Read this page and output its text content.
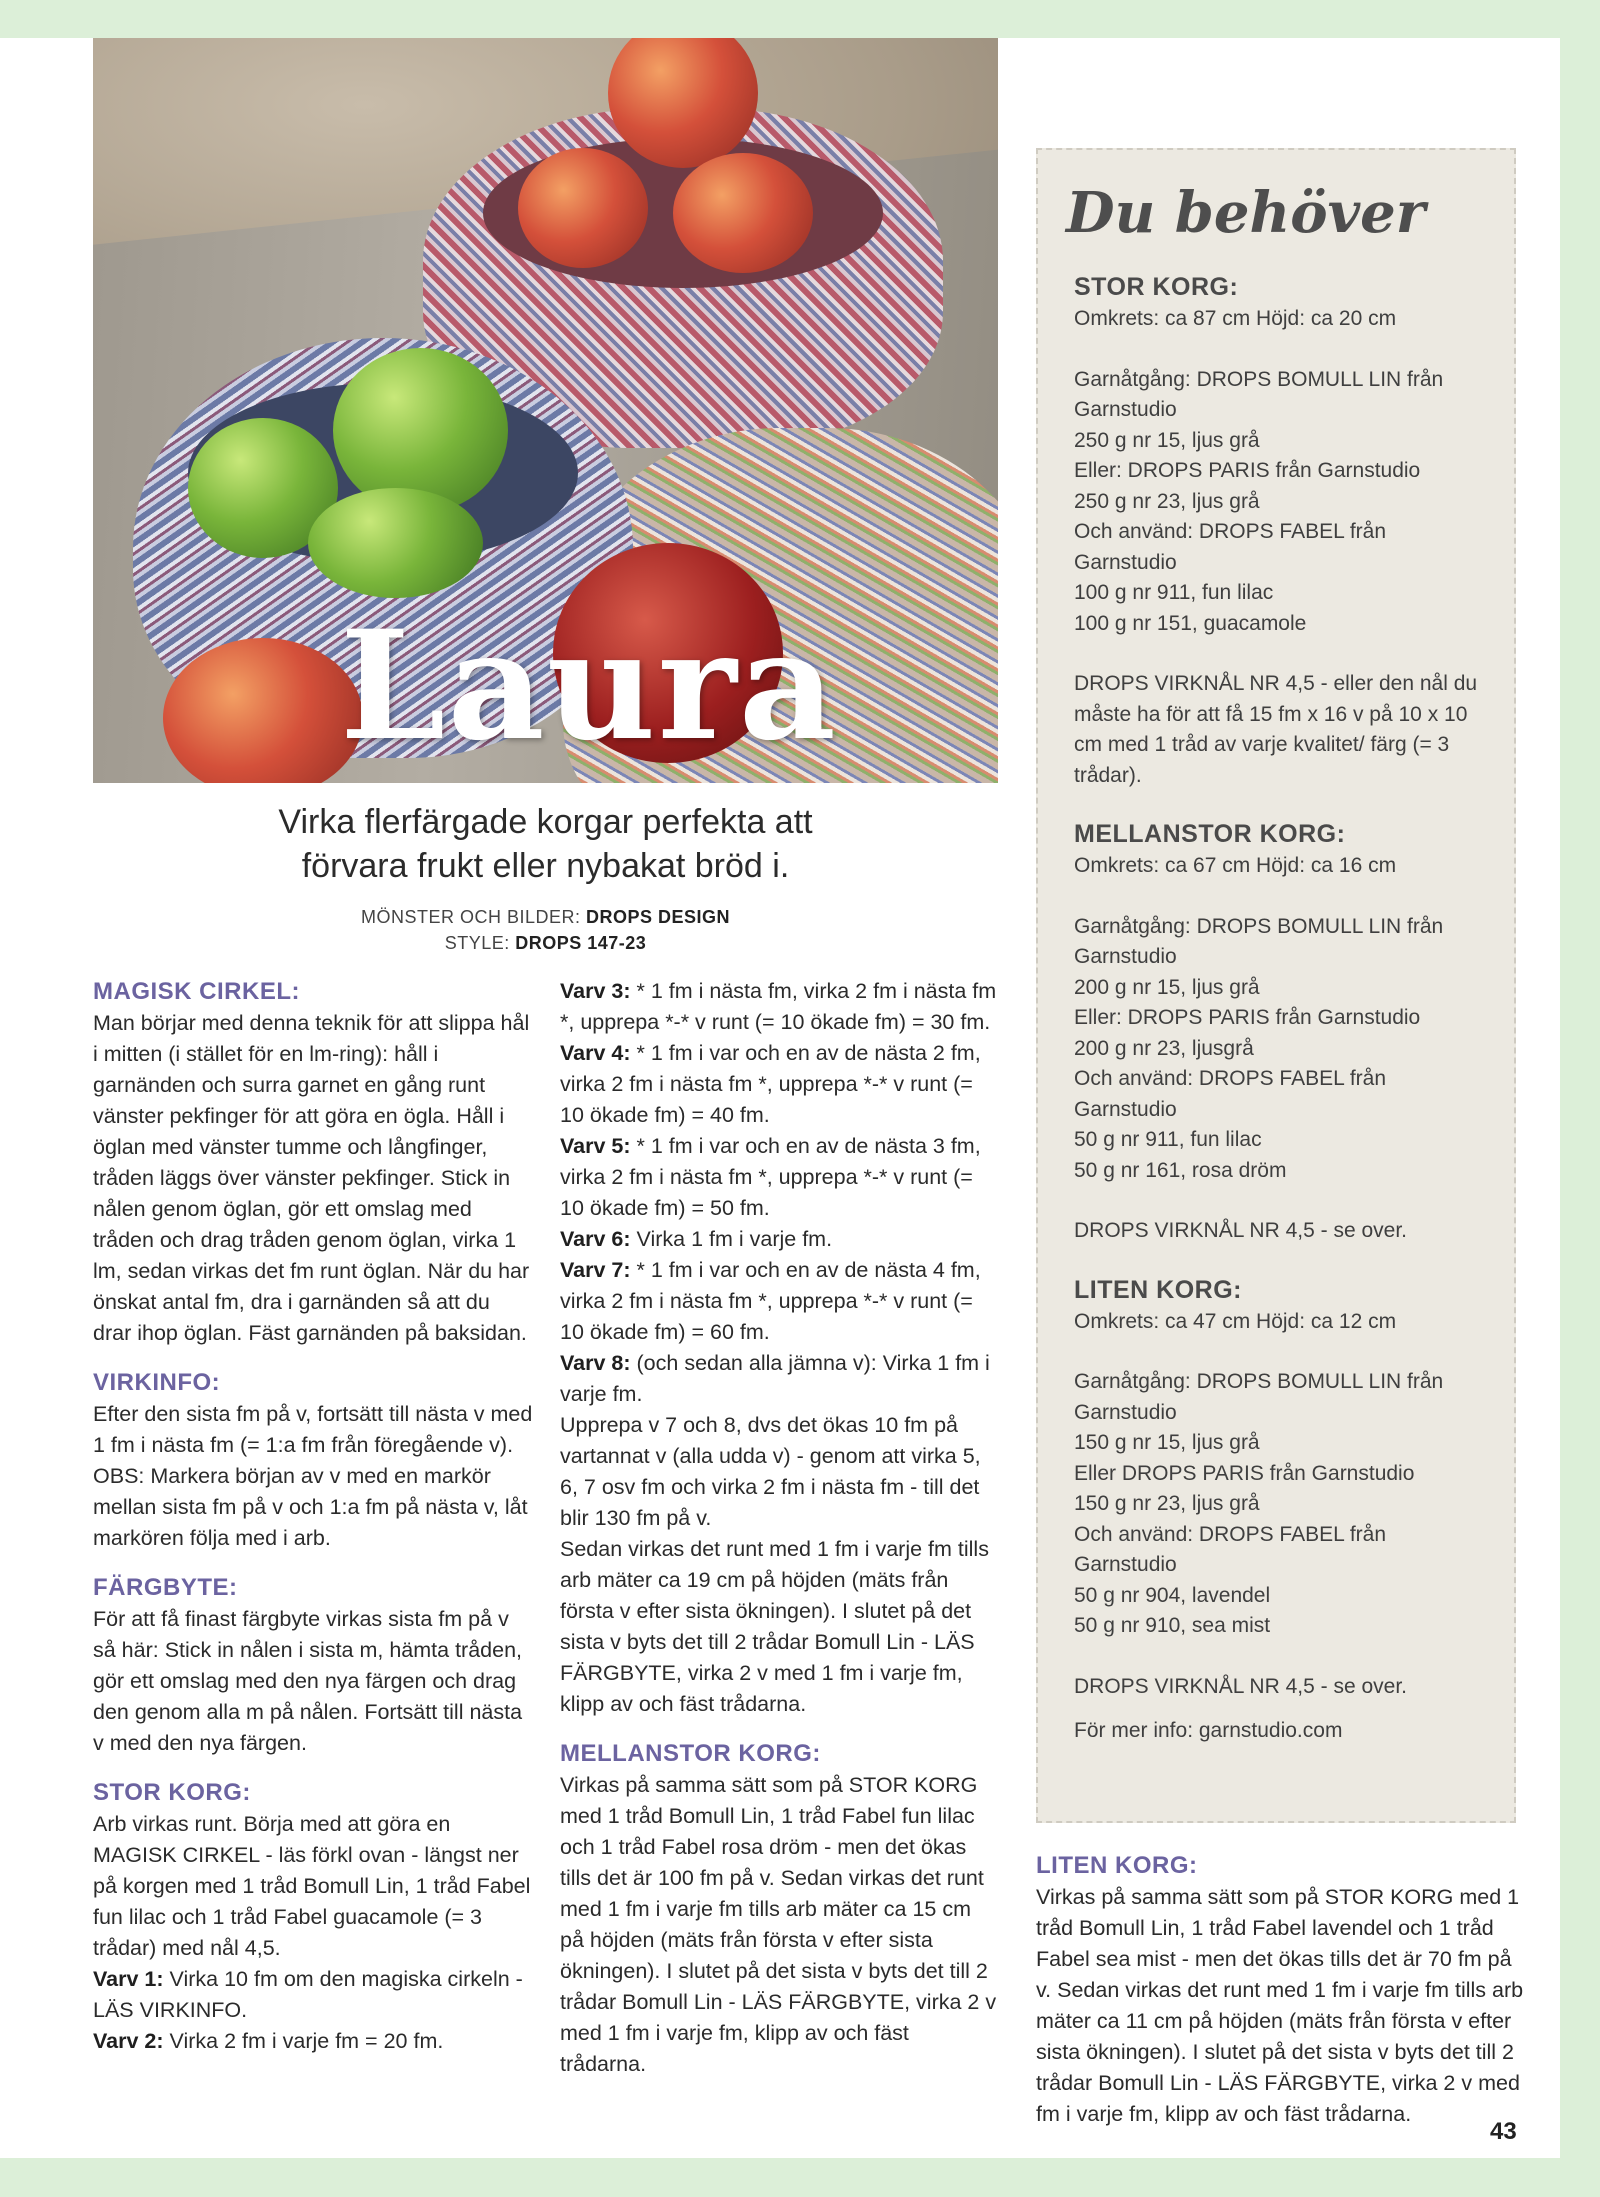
Laura
Virka flerfärgade korgar perfekta att
förvara frukt eller nybakat bröd i.
MÖNSTER OCH BILDER: DROPS DESIGN
STYLE: DROPS 147-23
MAGISK CIRKEL:

Man börjar med denna teknik för att slippa hål i mitten (i stället för en lm-ring): håll i garnänden och surra garnet en gång runt vänster pekfinger för att göra en ögla. Håll i öglan med vänster tumme och långfinger, tråden läggs över vänster pekfinger. Stick in nålen genom öglan, gör ett omslag med tråden och drag tråden genom öglan, virka 1 lm, sedan virkas det fm runt öglan. När du har önskat antal fm, dra i garnänden så att du drar ihop öglan. Fäst garnänden på baksidan.

VIRKINFO:

Efter den sista fm på v, fortsätt till nästa v med 1 fm i nästa fm (= 1:a fm från föregående v). OBS: Markera början av v med en markör mellan sista fm på v och 1:a fm på nästa v, låt markören följa med i arb.

FÄRGBYTE:

För att få finast färgbyte virkas sista fm på v så här: Stick in nålen i sista m, hämta tråden, gör ett omslag med den nya färgen och drag den genom alla m på nålen. Fortsätt till nästa v med den nya färgen.

STOR KORG:

Arb virkas runt. Börja med att göra en MAGISK CIRKEL - läs förkl ovan - längst ner på korgen med 1 tråd Bomull Lin, 1 tråd Fabel fun lilac och 1 tråd Fabel guacamole (= 3 trådar) med nål 4,5.

Varv 1: Virka 10 fm om den magiska cirkeln - LÄS VIRKINFO.

Varv 2: Virka 2 fm i varje fm = 20 fm.

Varv 3: * 1 fm i nästa fm, virka 2 fm i nästa fm *, upprepa *-* v runt (= 10 ökade fm) = 30 fm.

Varv 4: * 1 fm i var och en av de nästa 2 fm, virka 2 fm i nästa fm *, upprepa *-* v runt (= 10 ökade fm) = 40 fm.

Varv 5: * 1 fm i var och en av de nästa 3 fm, virka 2 fm i nästa fm *, upprepa *-* v runt (= 10 ökade fm) = 50 fm.

Varv 6: Virka 1 fm i varje fm.

Varv 7: * 1 fm i var och en av de nästa 4 fm, virka 2 fm i nästa fm *, upprepa *-* v runt (= 10 ökade fm) = 60 fm.

Varv 8: (och sedan alla jämna v): Virka 1 fm i varje fm.

Upprepa v 7 och 8, dvs det ökas 10 fm på vartannat v (alla udda v) - genom att virka 5, 6, 7 osv fm och virka 2 fm i nästa fm - till det blir 130 fm på v.

Sedan virkas det runt med 1 fm i varje fm tills arb mäter ca 19 cm på höjden (mäts från första v efter sista ökningen). I slutet på det sista v byts det till 2 trådar Bomull Lin - LÄS FÄRGBYTE, virka 2 v med 1 fm i varje fm, klipp av och fäst trådarna.

MELLANSTOR KORG:

Virkas på samma sätt som på STOR KORG med 1 tråd Bomull Lin, 1 tråd Fabel fun lilac och 1 tråd Fabel rosa dröm - men det ökas tills det är 100 fm på v. Sedan virkas det runt med 1 fm i varje fm tills arb mäter ca 15 cm på höjden (mäts från första v efter sista ökningen). I slutet på det sista v byts det till 2 trådar Bomull Lin - LÄS FÄRGBYTE, virka 2 v med 1 fm i varje fm, klipp av och fäst trådarna.

Du behöver
STOR KORG:
Omkrets: ca 87 cm Höjd: ca 20 cm
Garnåtgång: DROPS BOMULL LIN från Garnstudio
250 g nr 15, ljus grå
Eller: DROPS PARIS från Garnstudio
250 g nr 23, ljus grå
Och använd: DROPS FABEL från Garnstudio
100 g nr 911, fun lilac
100 g nr 151, guacamole
DROPS VIRKNÅL NR 4,5 - eller den nål du måste ha för att få 15 fm x 16 v på 10 x 10 cm med 1 tråd av varje kvalitet/ färg (= 3 trådar).
MELLANSTOR KORG:
Omkrets: ca 67 cm Höjd: ca 16 cm
Garnåtgång: DROPS BOMULL LIN från Garnstudio
200 g nr 15, ljus grå
Eller: DROPS PARIS från Garnstudio
200 g nr 23, ljusgrå
Och använd: DROPS FABEL från Garnstudio
50 g nr 911, fun lilac
50 g nr 161, rosa dröm
DROPS VIRKNÅL NR 4,5 - se over.
LITEN KORG:
Omkrets: ca 47 cm Höjd: ca 12 cm
Garnåtgång: DROPS BOMULL LIN från Garnstudio
150 g nr 15, ljus grå
Eller DROPS PARIS från Garnstudio
150 g nr 23, ljus grå
Och använd: DROPS FABEL från Garnstudio
50 g nr 904, lavendel
50 g nr 910, sea mist
DROPS VIRKNÅL NR 4,5 - se over.
För mer info: garnstudio.com
LITEN KORG:

Virkas på samma sätt som på STOR KORG med 1 tråd Bomull Lin, 1 tråd Fabel lavendel och 1 tråd Fabel sea mist - men det ökas tills det är 70 fm på v. Sedan virkas det runt med 1 fm i varje fm tills arb mäter ca 11 cm på höjden (mäts från första v efter sista ökningen). I slutet på det sista v byts det till 2 trådar Bomull Lin - LÄS FÄRGBYTE, virka 2 v med fm i varje fm, klipp av och fäst trådarna.

43
